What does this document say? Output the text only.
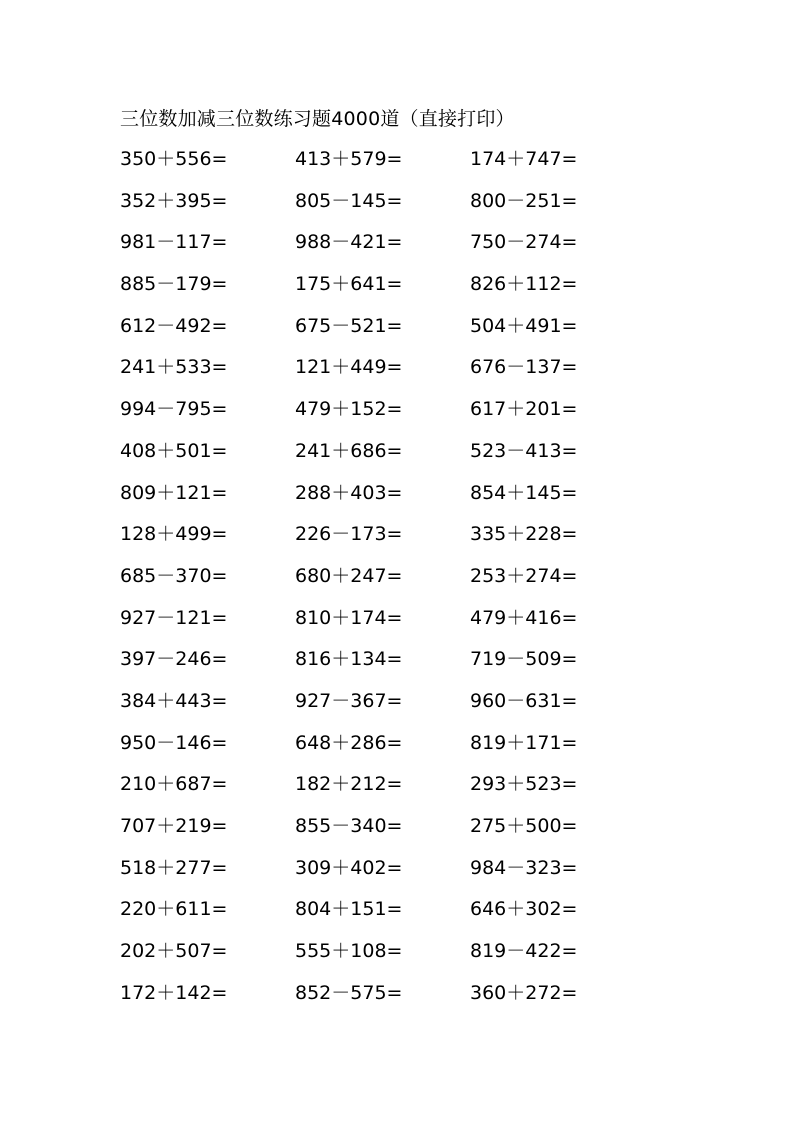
三位数加减三位数练习题4000道（直接打印）
350＋556=	413＋579=	174＋747=
352＋395=	805－145=	800－251=
981－117=	988－421=	750－274=
885－179=	175＋641=	826＋112=
612－492=	675－521=	504＋491=
241＋533=	121＋449=	676－137=
994－795=	479＋152=	617＋201=
408＋501=	241＋686=	523－413=
809＋121=	288＋403=	854＋145=
128＋499=	226－173=	335＋228=
685－370=	680＋247=	253＋274=
927－121=	810＋174=	479＋416=
397－246=	816＋134=	719－509=
384＋443=	927－367=	960－631=
950－146=	648＋286=	819＋171=
210＋687=	182＋212=	293＋523=
707＋219=	855－340=	275＋500=
518＋277=	309＋402=	984－323=
220＋611=	804＋151=	646＋302=
202＋507=	555＋108=	819－422=
172＋142=	852－575=	360＋272=
